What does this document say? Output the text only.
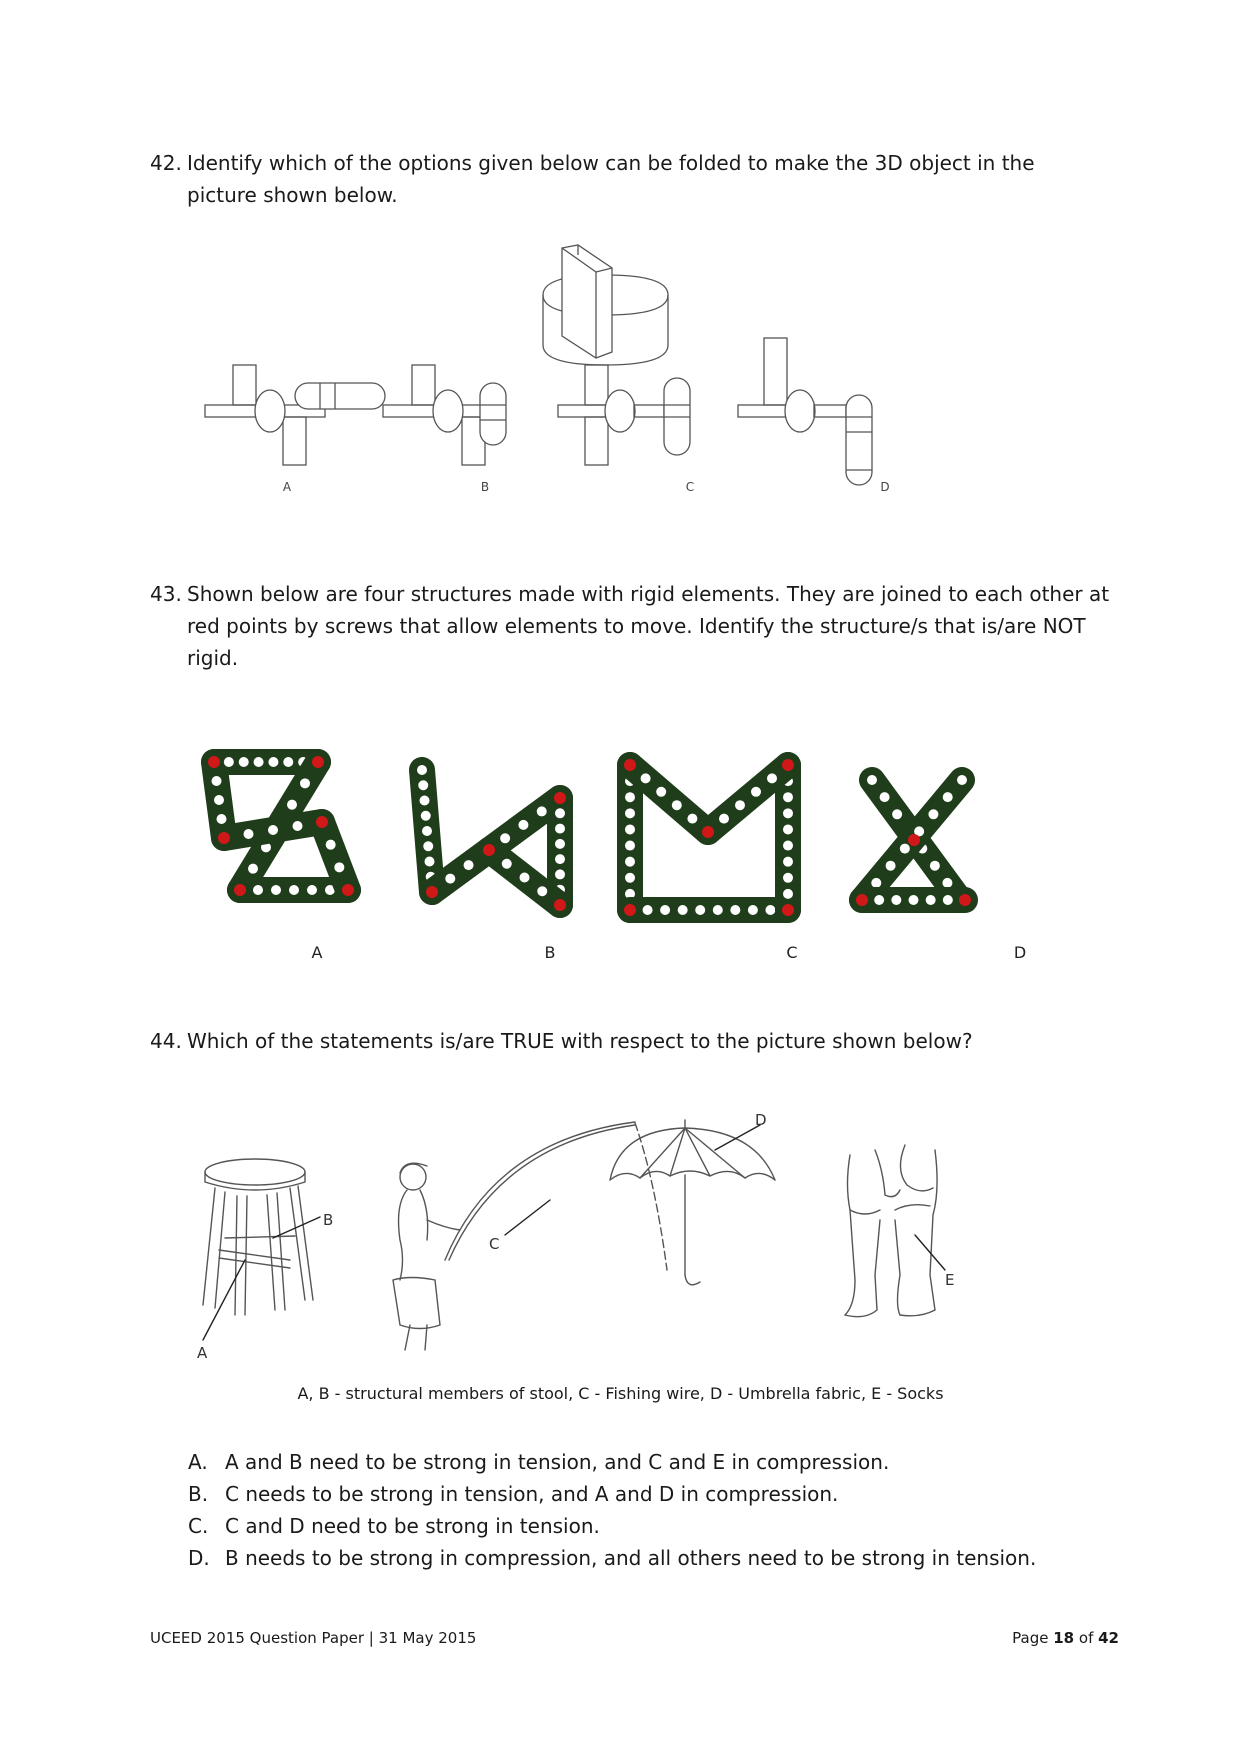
42. Identify which of the options given below can be folded to make the 3D object in the picture shown below.
A	B	C	D
43. Shown below are four structures made with rigid elements. They are joined to each other at red points by screws that allow elements to move. Identify the structure/s that is/are NOT rigid.
A	B	C	D
44. Which of the statements is/are TRUE with respect to the picture shown below?
B
A
C
D
E
A, B - structural members of stool, C - Fishing wire, D - Umbrella fabric, E - Socks
A. A and B need to be strong in tension, and C and E in compression.
B. C needs to be strong in tension, and A and D in compression.
C. C and D need to be strong in tension.
D. B needs to be strong in compression, and all others need to be strong in tension.
UCEED 2015 Question Paper | 31 May 2015	Page 18 of 42
